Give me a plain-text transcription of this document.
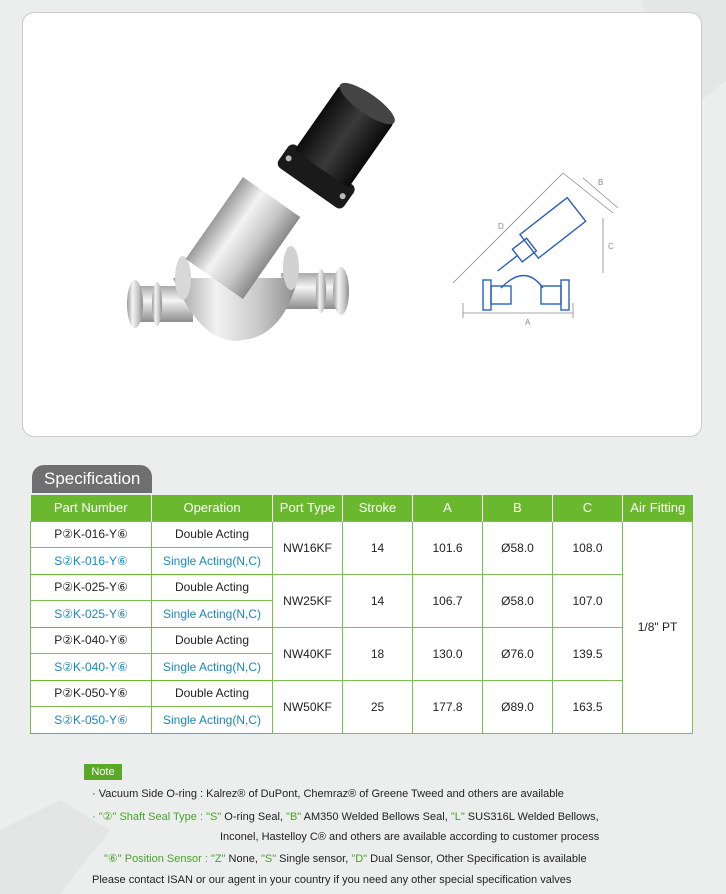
A
B
C
D
Specification
Part Number	Operation	Port Type	Stroke	A	B	C	Air Fitting
P②K-016-Y⑥	Double Acting	NW16KF	14	101.6	Ø58.0	108.0	1/8" PT
S②K-016-Y⑥	Single Acting(N,C)						
P②K-025-Y⑥	Double Acting	NW25KF	14	106.7	Ø58.0	107.0	
S②K-025-Y⑥	Single Acting(N,C)						
P②K-040-Y⑥	Double Acting	NW40KF	18	130.0	Ø76.0	139.5	
S②K-040-Y⑥	Single Acting(N,C)						
P②K-050-Y⑥	Double Acting	NW50KF	25	177.8	Ø89.0	163.5	
S②K-050-Y⑥	Single Acting(N,C)						
Note
· Vacuum Side O-ring : Kalrez® of DuPont, Chemraz® of Greene Tweed and others are available
· "②" Shaft Seal Type : "S" O-ring Seal, "B" AM350 Welded Bellows Seal, "L" SUS316L Welded Bellows,
Inconel, Hastelloy C® and others are available according to customer process
"⑥" Position Sensor : "Z" None, "S" Single sensor, "D" Dual Sensor, Other Specification is available
Please contact ISAN or our agent in your country if you need any other special specification valves
